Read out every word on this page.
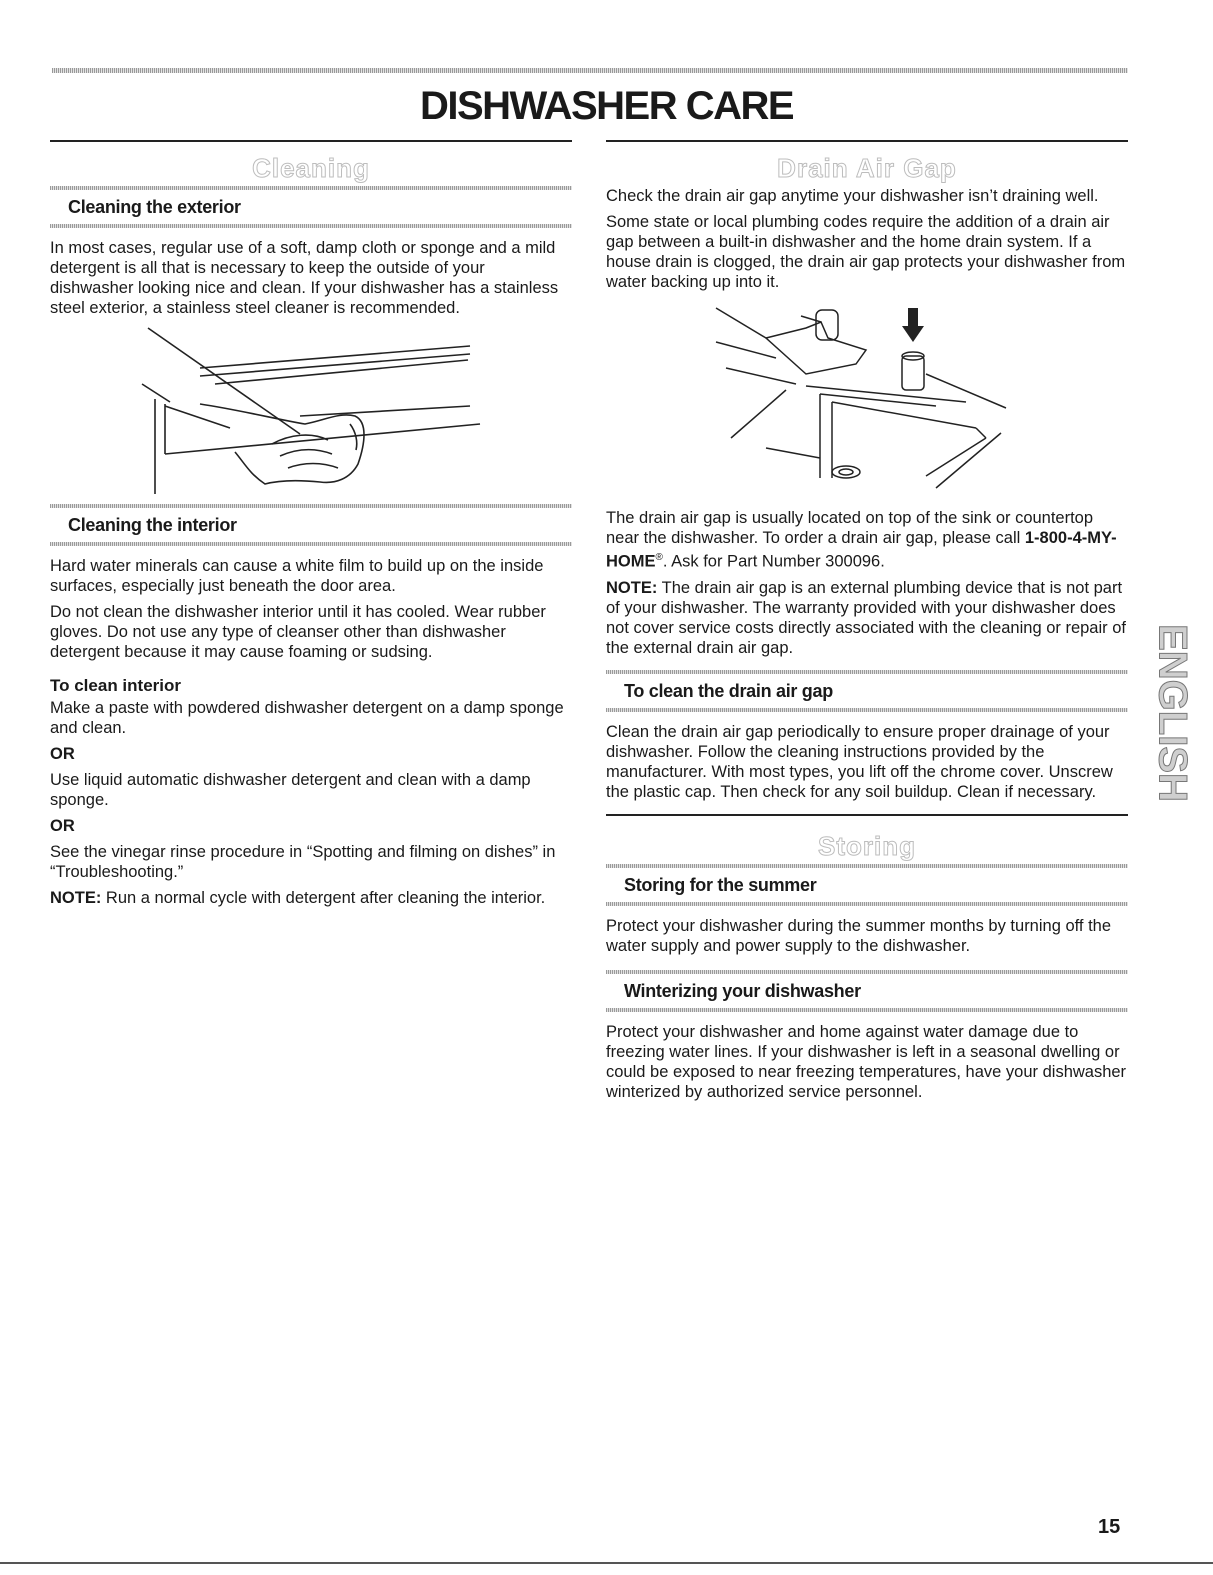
DISHWASHER CARE
Cleaning
Cleaning the exterior

In most cases, regular use of a soft, damp cloth or sponge and a mild detergent is all that is necessary to keep the outside of your dishwasher looking nice and clean. If your dishwasher has a stainless steel exterior, a stainless steel cleaner is recommended.

Cleaning the interior

Hard water minerals can cause a white film to build up on the inside surfaces, especially just beneath the door area.

Do not clean the dishwasher interior until it has cooled. Wear rubber gloves. Do not use any type of cleanser other than dishwasher detergent because it may cause foaming or sudsing.

To clean interior

Make a paste with powdered dishwasher detergent on a damp sponge and clean.

OR

Use liquid automatic dishwasher detergent and clean with a damp sponge.

OR

See the vinegar rinse procedure in “Spotting and filming on dishes” in “Troubleshooting.”

NOTE: Run a normal cycle with detergent after cleaning the interior.

Drain Air Gap

Check the drain air gap anytime your dishwasher isn’t draining well.

Some state or local plumbing codes require the addition of a drain air gap between a built-in dishwasher and the home drain system. If a house drain is clogged, the drain air gap protects your dishwasher from water backing up into it.

The drain air gap is usually located on top of the sink or countertop near the dishwasher. To order a drain air gap, please call 1-800-4-MY-HOME®. Ask for Part Number 300096.

NOTE: The drain air gap is an external plumbing device that is not part of your dishwasher. The warranty provided with your dishwasher does not cover service costs directly associated with the cleaning or repair of the external drain air gap.

To clean the drain air gap

Clean the drain air gap periodically to ensure proper drainage of your dishwasher. Follow the cleaning instructions provided by the manufacturer. With most types, you lift off the chrome cover. Unscrew the plastic cap. Then check for any soil buildup. Clean if necessary.

Storing
Storing for the summer

Protect your dishwasher during the summer months by turning off the water supply and power supply to the dishwasher.

Winterizing your dishwasher

Protect your dishwasher and home against water damage due to freezing water lines. If your dishwasher is left in a seasonal dwelling or could be exposed to near freezing temperatures, have your dishwasher winterized by authorized service personnel.

ENGLISH
15
